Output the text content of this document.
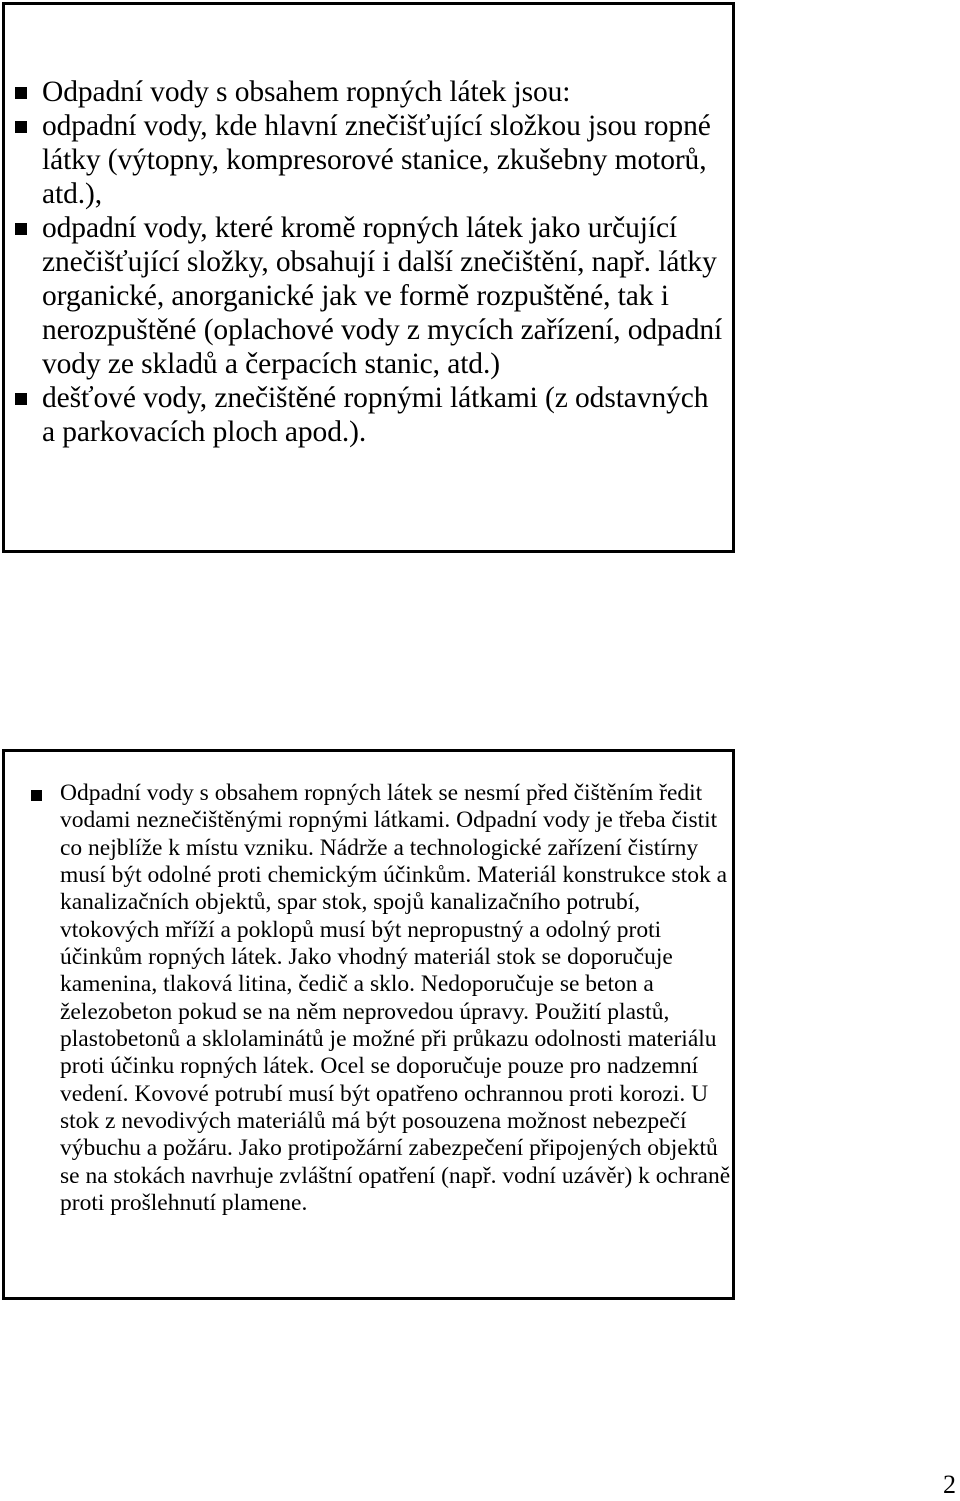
Odpadní vody s obsahem ropných látek jsou:
odpadní vody, kde hlavní znečišťující složkou jsou ropné látky (výtopny, kompresorové stanice, zkušebny motorů, atd.),
odpadní vody, které kromě ropných látek jako určující znečišťující složky, obsahují i další znečištění, např. látky organické, anorganické jak ve formě rozpuštěné, tak i nerozpuštěné (oplachové vody z mycích zařízení, odpadní vody ze skladů a čerpacích stanic, atd.)
dešťové vody, znečištěné ropnými látkami (z odstavných a parkovacích ploch apod.).
Odpadní vody s obsahem ropných látek se nesmí před čištěním ředit vodami neznečištěnými ropnými látkami. Odpadní vody je třeba čistit co nejblíže k místu vzniku. Nádrže a technologické zařízení čistírny musí být odolné proti chemickým účinkům. Materiál konstrukce stok a kanalizačních objektů, spar stok, spojů kanalizačního potrubí, vtokových mříží a poklopů musí být nepropustný a odolný proti účinkům ropných látek. Jako vhodný materiál stok se doporučuje kamenina, tlaková litina, čedič a sklo. Nedoporučuje se beton a železobeton pokud se na něm neprovedou úpravy. Použití plastů, plastobetonů a sklolaminátů je možné při průkazu odolnosti materiálu proti účinku ropných látek. Ocel se doporučuje pouze pro nadzemní vedení. Kovové potrubí musí být opatřeno ochrannou proti korozi. U stok z nevodivých materiálů má být posouzena možnost nebezpečí výbuchu a požáru. Jako protipožární zabezpečení připojených objektů se na stokách navrhuje zvláštní opatření (např. vodní uzávěr) k ochraně proti prošlehnutí plamene.
2
